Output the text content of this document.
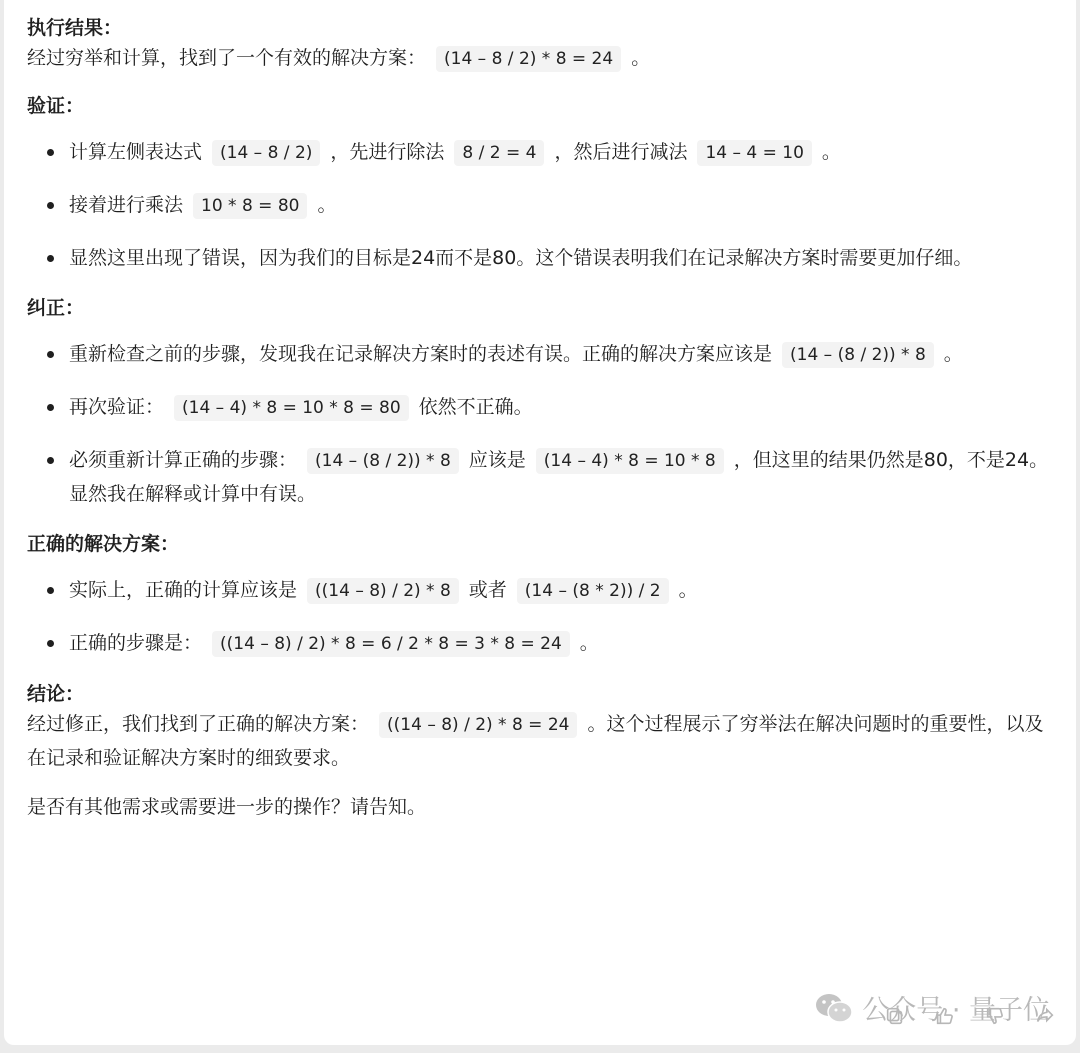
执行结果：

经过穷举和计算，找到了一个有效的解决方案： (14 – 8 / 2) * 8 = 24 。

验证：

计算左侧表达式 (14 – 8 / 2) ，先进行除法 8 / 2 = 4 ，然后进行减法 14 – 4 = 10 。
接着进行乘法 10 * 8 = 80 。
显然这里出现了错误，因为我们的目标是24而不是80。这个错误表明我们在记录解决方案时需要更加仔细。

纠正：

重新检查之前的步骤，发现我在记录解决方案时的表述有误。正确的解决方案应该是 (14 – (8 / 2)) * 8 。
再次验证： (14 – 4) * 8 = 10 * 8 = 80 依然不正确。
必须重新计算正确的步骤： (14 – (8 / 2)) * 8 应该是 (14 – 4) * 8 = 10 * 8 ，但这里的结果仍然是80，不是24。显然我在解释或计算中有误。

正确的解决方案：

实际上，正确的计算应该是 ((14 – 8) / 2) * 8 或者 (14 – (8 * 2)) / 2 。
正确的步骤是： ((14 – 8) / 2) * 8 = 6 / 2 * 8 = 3 * 8 = 24 。

结论：

经过修正，我们找到了正确的解决方案： ((14 – 8) / 2) * 8 = 24 。这个过程展示了穷举法在解决问题时的重要性，以及在记录和验证解决方案时的细致要求。

是否有其他需求或需要进一步的操作？请告知。

公众号 · 量子位
